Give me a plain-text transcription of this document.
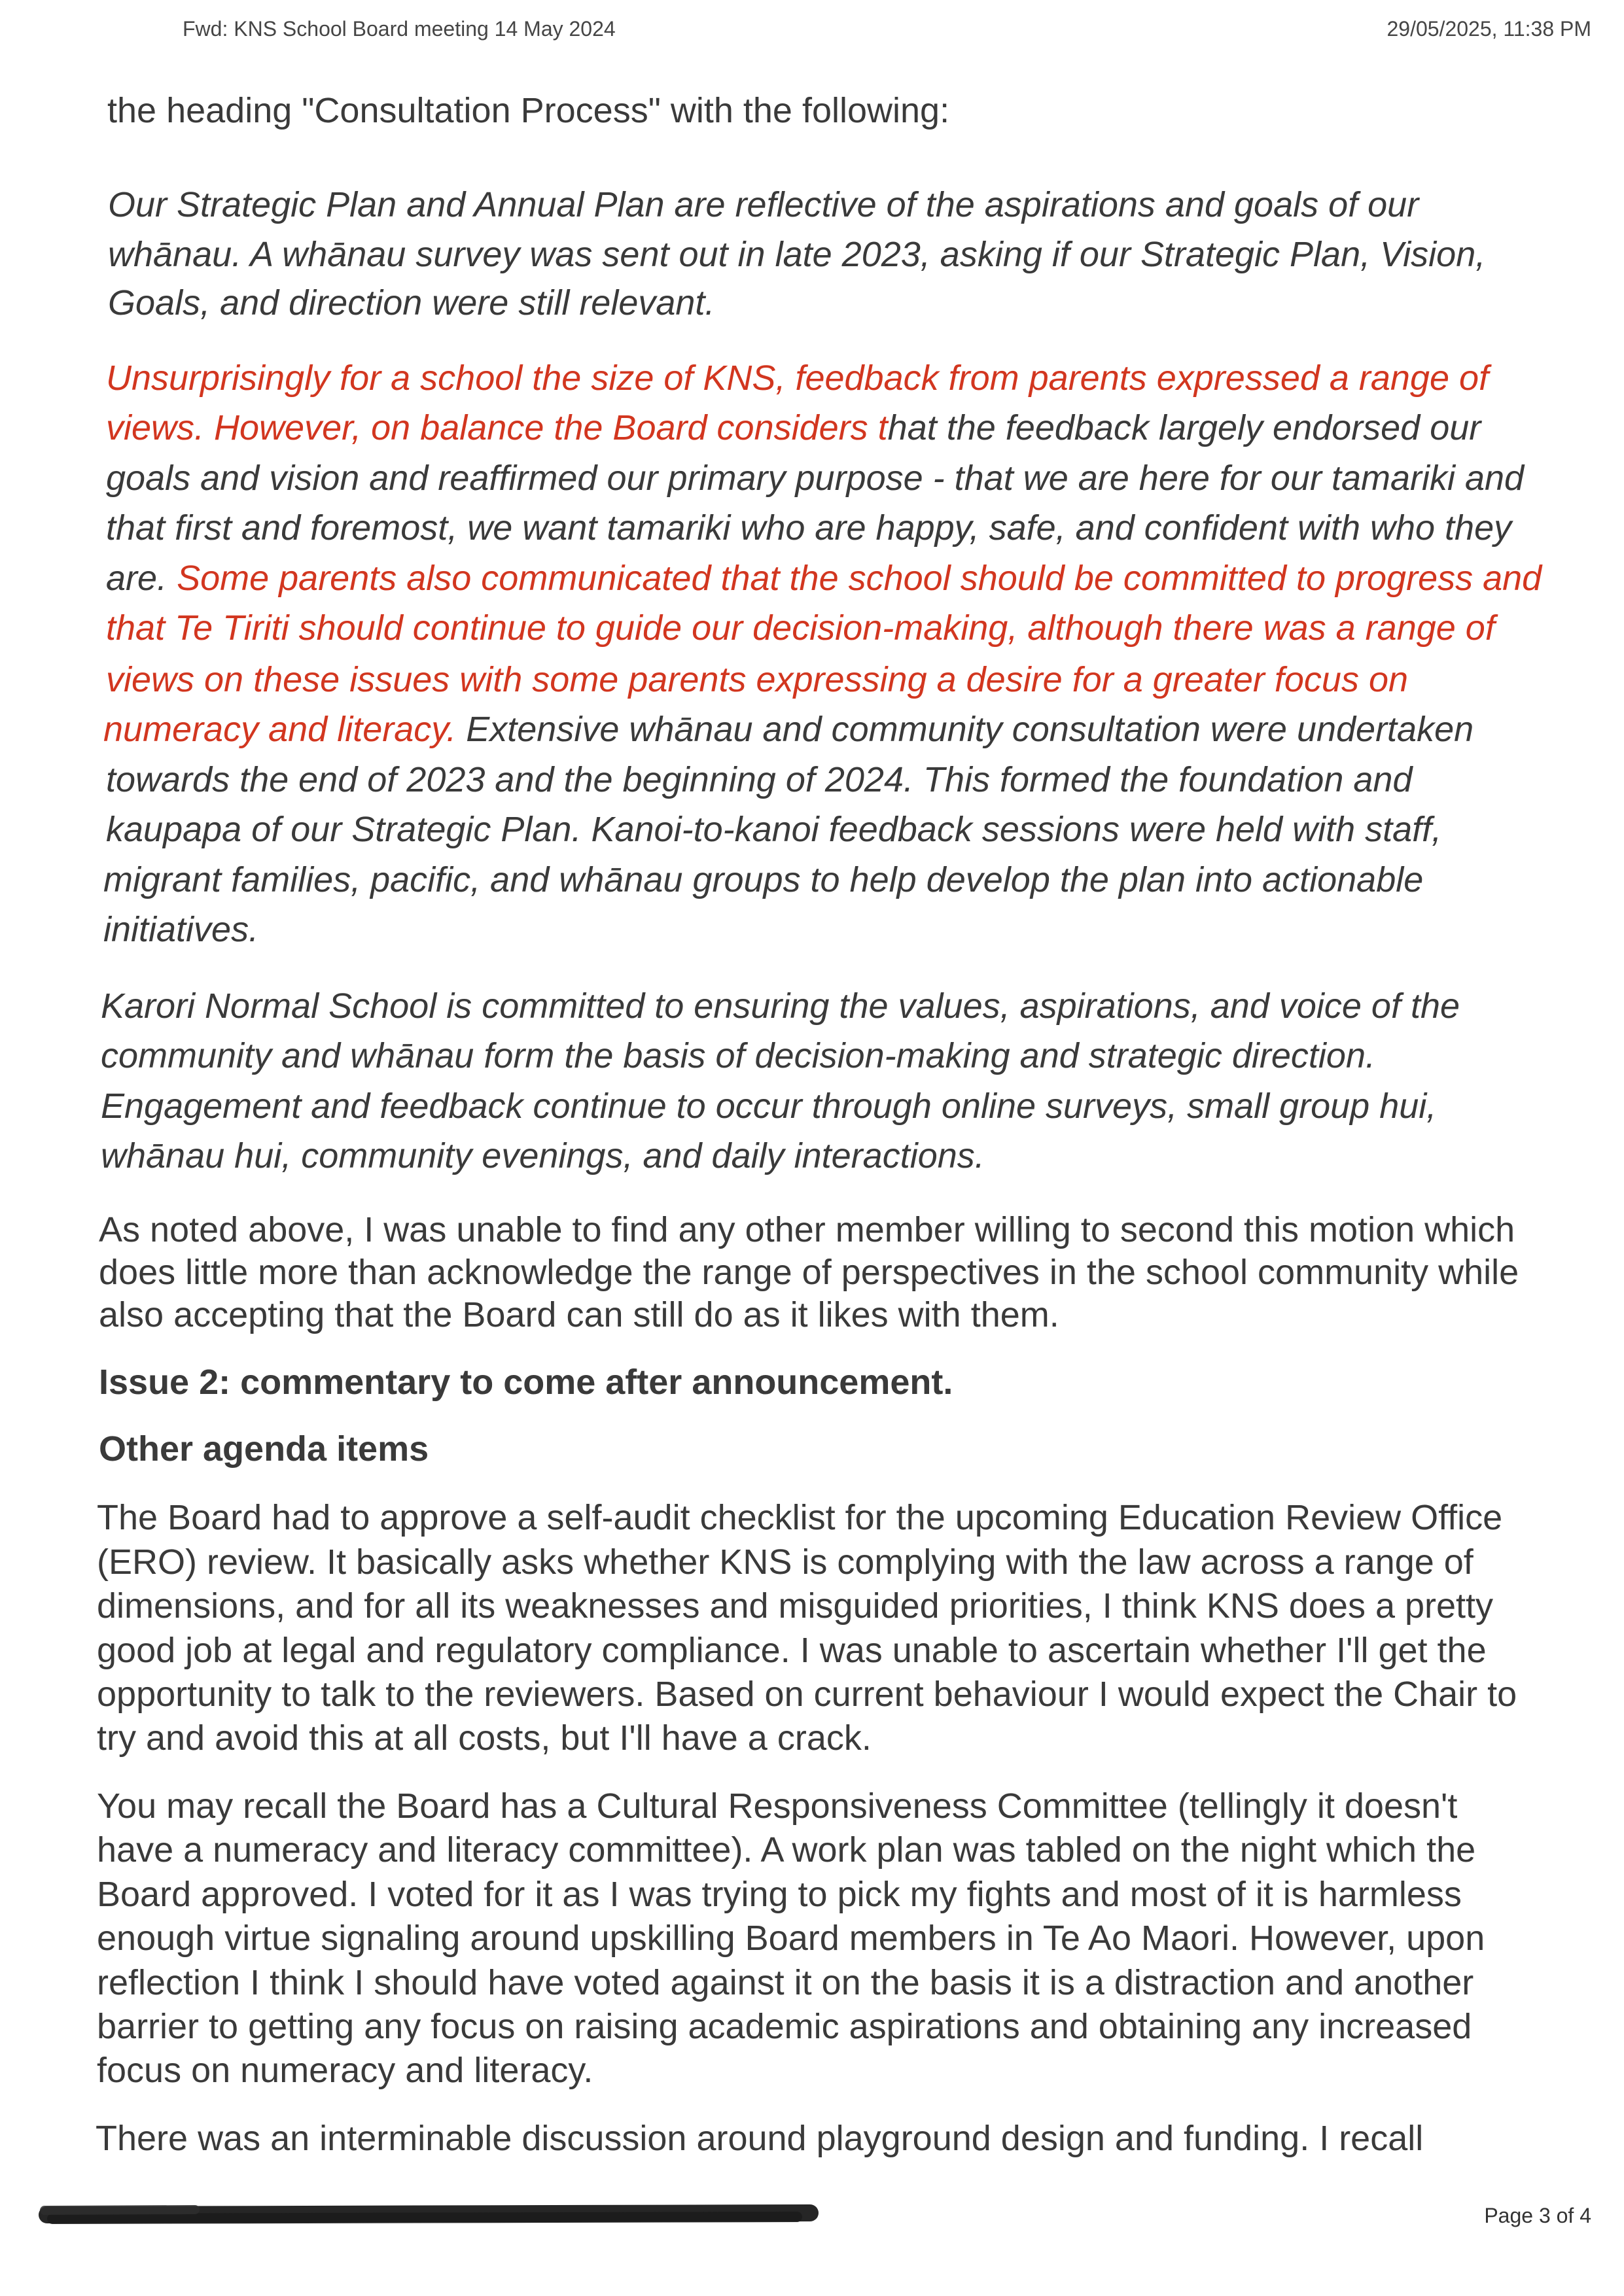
Fwd: KNS School Board meeting 14 May 2024	29/05/2025, 11:38 PM
the heading "Consultation Process" with the following:
Our Strategic Plan and Annual Plan are reflective of the aspirations and goals of our
whānau. A whānau survey was sent out in late 2023, asking if our Strategic Plan, Vision,
Goals, and direction were still relevant.
Unsurprisingly for a school the size of KNS, feedback from parents expressed a range of
views. However, on balance the Board considers that the feedback largely endorsed our
goals and vision and reaffirmed our primary purpose - that we are here for our tamariki and
that first and foremost, we want tamariki who are happy, safe, and confident with who they
are. Some parents also communicated that the school should be committed to progress and
that Te Tiriti should continue to guide our decision-making, although there was a range of
views on these issues with some parents expressing a desire for a greater focus on
numeracy and literacy. Extensive whānau and community consultation were undertaken
towards the end of 2023 and the beginning of 2024. This formed the foundation and
kaupapa of our Strategic Plan. Kanoi-to-kanoi feedback sessions were held with staff,
migrant families, pacific, and whānau groups to help develop the plan into actionable
initiatives.
Karori Normal School is committed to ensuring the values, aspirations, and voice of the
community and whānau form the basis of decision-making and strategic direction.
Engagement and feedback continue to occur through online surveys, small group hui,
whānau hui, community evenings, and daily interactions.
As noted above, I was unable to find any other member willing to second this motion which
does little more than acknowledge the range of perspectives in the school community while
also accepting that the Board can still do as it likes with them.
Issue 2: commentary to come after announcement.
Other agenda items
The Board had to approve a self-audit checklist for the upcoming Education Review Office
(ERO) review. It basically asks whether KNS is complying with the law across a range of
dimensions, and for all its weaknesses and misguided priorities, I think KNS does a pretty
good job at legal and regulatory compliance. I was unable to ascertain whether I'll get the
opportunity to talk to the reviewers. Based on current behaviour I would expect the Chair to
try and avoid this at all costs, but I'll have a crack.
You may recall the Board has a Cultural Responsiveness Committee (tellingly it doesn't
have a numeracy and literacy committee). A work plan was tabled on the night which the
Board approved. I voted for it as I was trying to pick my fights and most of it is harmless
enough virtue signaling around upskilling Board members in Te Ao Maori. However, upon
reflection I think I should have voted against it on the basis it is a distraction and another
barrier to getting any focus on raising academic aspirations and obtaining any increased
focus on numeracy and literacy.
There was an interminable discussion around playground design and funding. I recall
Page 3 of 4
